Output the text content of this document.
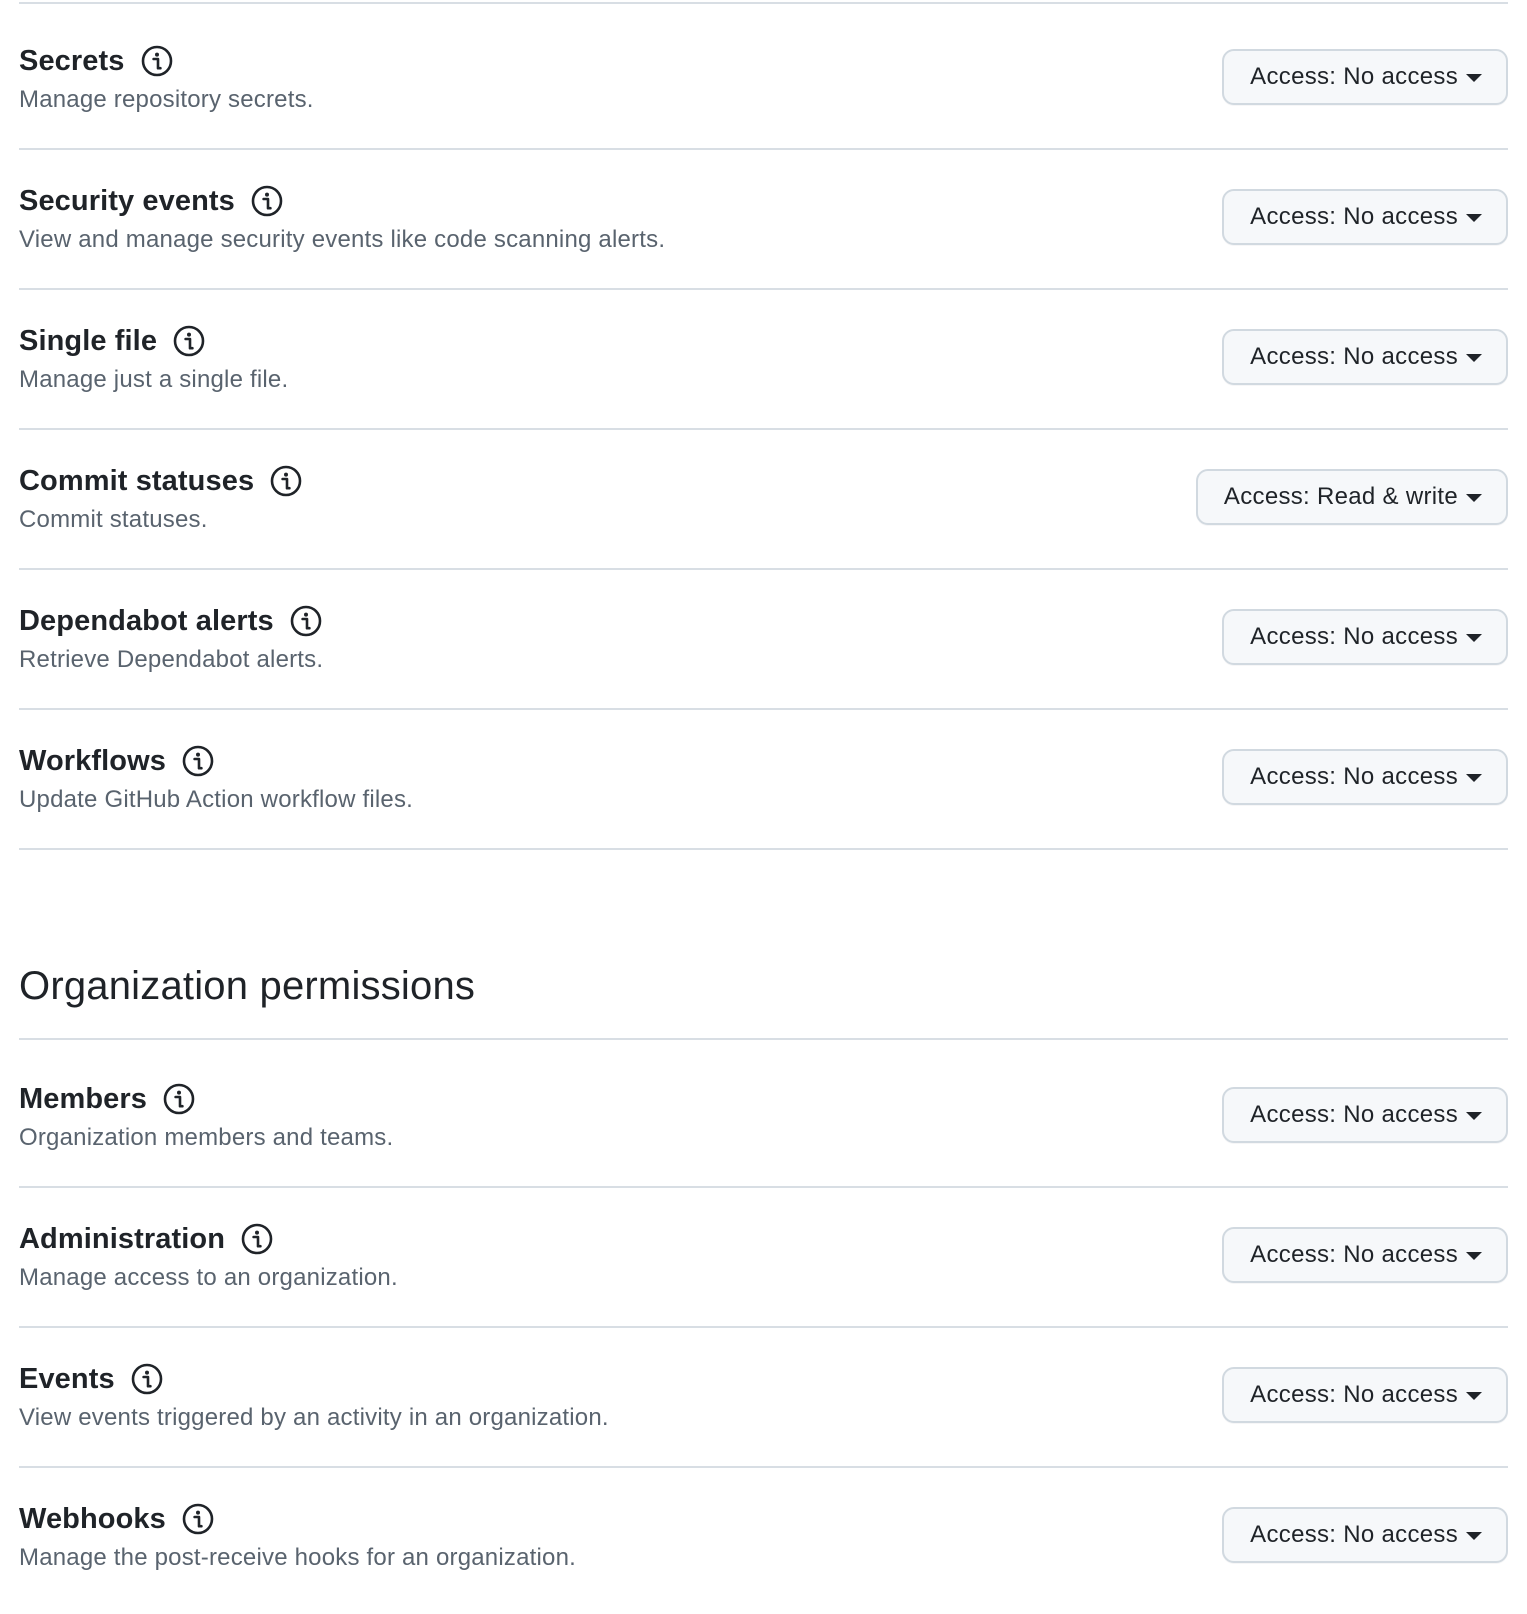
Secrets
Manage repository secrets.
Access: No access
Security events
View and manage security events like code scanning alerts.
Access: No access
Single file
Manage just a single file.
Access: No access
Commit statuses
Commit statuses.
Access: Read & write
Dependabot alerts
Retrieve Dependabot alerts.
Access: No access
Workflows
Update GitHub Action workflow files.
Access: No access
Organization permissions
Members
Organization members and teams.
Access: No access
Administration
Manage access to an organization.
Access: No access
Events
View events triggered by an activity in an organization.
Access: No access
Webhooks
Manage the post-receive hooks for an organization.
Access: No access
